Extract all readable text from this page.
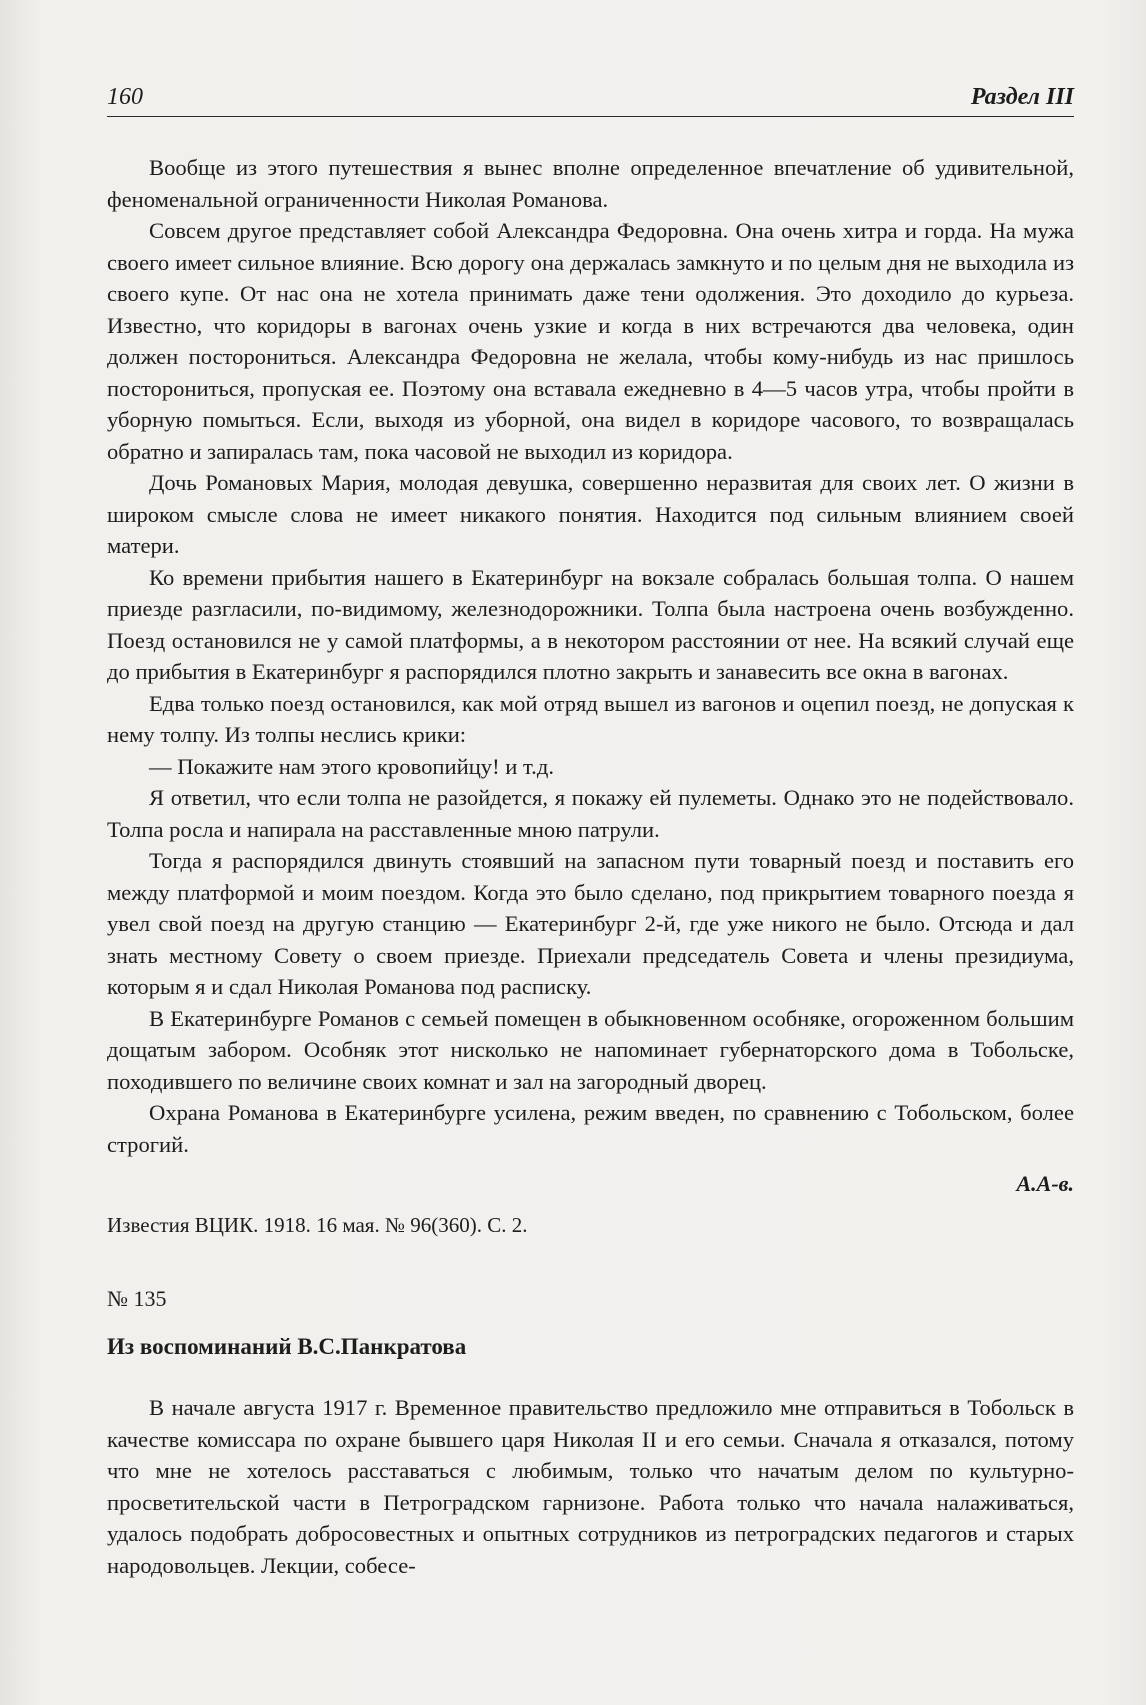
160	Раздел III

Вообще из этого путешествия я вынес вполне определенное впечатление об удивительной, феноменальной ограниченности Николая Романова.

Совсем другое представляет собой Александра Федоровна. Она очень хитра и горда. На мужа своего имеет сильное влияние. Всю дорогу она держалась замкнуто и по целым дня не выходила из своего купе. От нас она не хотела принимать даже тени одолжения. Это доходило до курьеза. Известно, что коридоры в вагонах очень узкие и когда в них встречаются два человека, один должен посторониться. Александра Федоровна не желала, чтобы кому-нибудь из нас пришлось посторониться, пропуская ее. Поэтому она вставала ежедневно в 4—5 часов утра, чтобы пройти в уборную помыться. Если, выходя из уборной, она видел в коридоре часового, то возвращалась обратно и запиралась там, пока часовой не выходил из коридора.

Дочь Романовых Мария, молодая девушка, совершенно неразвитая для своих лет. О жизни в широком смысле слова не имеет никакого понятия. Находится под сильным влиянием своей матери.

Ко времени прибытия нашего в Екатеринбург на вокзале собралась большая толпа. О нашем приезде разгласили, по-видимому, железнодорожники. Толпа была настроена очень возбужденно. Поезд остановился не у самой платформы, а в некотором расстоянии от нее. На всякий случай еще до прибытия в Екатеринбург я распорядился плотно закрыть и занавесить все окна в вагонах.

Едва только поезд остановился, как мой отряд вышел из вагонов и оцепил поезд, не допуская к нему толпу. Из толпы неслись крики:

— Покажите нам этого кровопийцу! и т.д.

Я ответил, что если толпа не разойдется, я покажу ей пулеметы. Однако это не подействовало. Толпа росла и напирала на расставленные мною патрули.

Тогда я распорядился двинуть стоявший на запасном пути товарный поезд и поставить его между платформой и моим поездом. Когда это было сделано, под прикрытием товарного поезда я увел свой поезд на другую станцию — Екатеринбург 2-й, где уже никого не было. Отсюда и дал знать местному Совету о своем приезде. Приехали председатель Совета и члены президиума, которым я и сдал Николая Романова под расписку.

В Екатеринбурге Романов с семьей помещен в обыкновенном особняке, огороженном большим дощатым забором. Особняк этот нисколько не напоминает губернаторского дома в Тобольске, походившего по величине своих комнат и зал на загородный дворец.

Охрана Романова в Екатеринбурге усилена, режим введен, по сравнению с Тобольском, более строгий.

А.А-в.

Известия ВЦИК. 1918. 16 мая. № 96(360). С. 2.

№ 135

Из воспоминаний В.С.Панкратова

В начале августа 1917 г. Временное правительство предложило мне отправиться в Тобольск в качестве комиссара по охране бывшего царя Николая II и его семьи. Сначала я отказался, потому что мне не хотелось расставаться с любимым, только что начатым делом по культурно-просветительской части в Петроградском гарнизоне. Работа только что начала налаживаться, удалось подобрать добросовестных и опытных сотрудников из петроградских педагогов и старых народовольцев. Лекции, собесе-
